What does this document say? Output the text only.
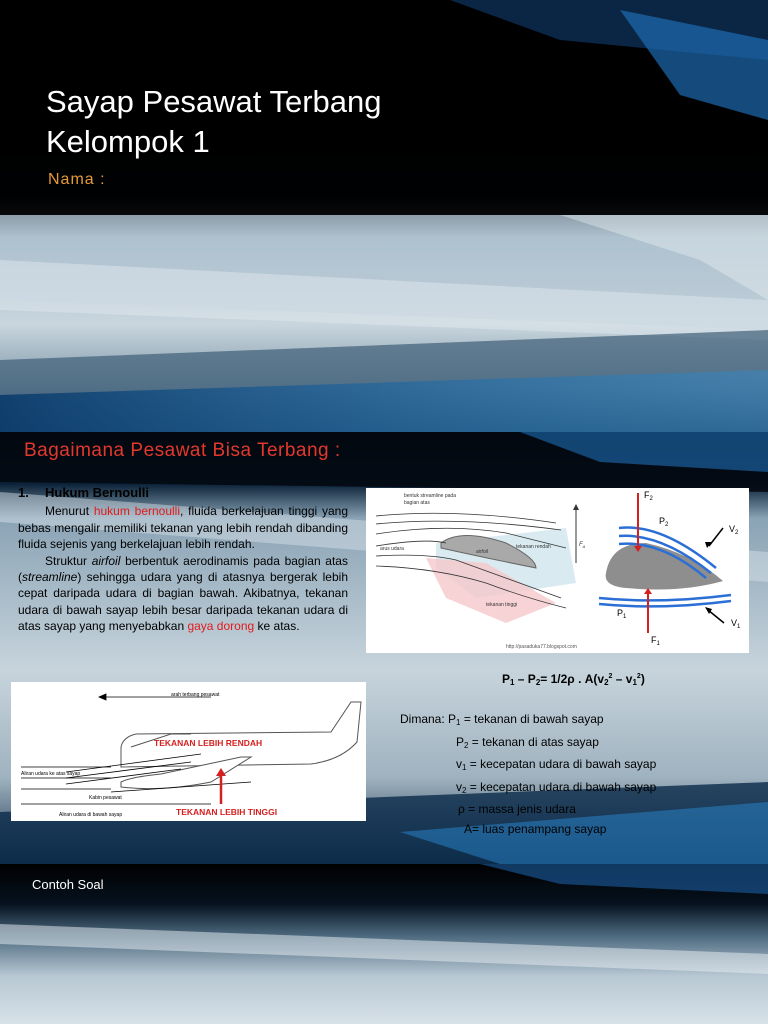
Sayap Pesawat Terbang
Kelompok 1
Nama :
Bagaimana Pesawat Bisa Terbang :

1. Hukum Bernoulli

Menurut hukum bernoulli, fluida berkelajuan tinggi yang bebas mengalir memiliki tekanan yang lebih rendah dibanding fluida sejenis yang berkelajuan lebih rendah.

Struktur airfoil berbentuk aerodinamis pada bagian atas (streamline) sehingga udara yang di atasnya bergerak lebih cepat daripada udara di bagian bawah. Akibatnya, tekanan udara di bawah sayap lebih besar daripada tekanan udara di atas sayap yang menyebabkan gaya dorong ke atas.

bentuk streamline pada
bagian atas
arus udara	airfoil
tekanan rendah
tekanan tinggi
$F_A$
http://pasaduka77.blogspot.com
$F_2$
$P_2$	$V_2$
$P_1$
$F_1$
$V_1$
arah terbang pesawat
Aliran udara ke atas sayap
Kabin pesawat
Aliran udara di bawah sayap
TEKANAN LEBIH RENDAH
TEKANAN LEBIH TINGGI
$P_1 - P_2= 1/2\rho$ . $A(v_2^2 - v_1^2)$
Dimana: $P_1$ = tekanan di bawah sayap
$P_2$ = tekanan di atas sayap
$v_1$ = kecepatan udara di bawah sayap
$v_2$ = kecepatan udara di bawah sayap
ρ = massa jenis udara
A= luas penampang sayap
Contoh Soal
